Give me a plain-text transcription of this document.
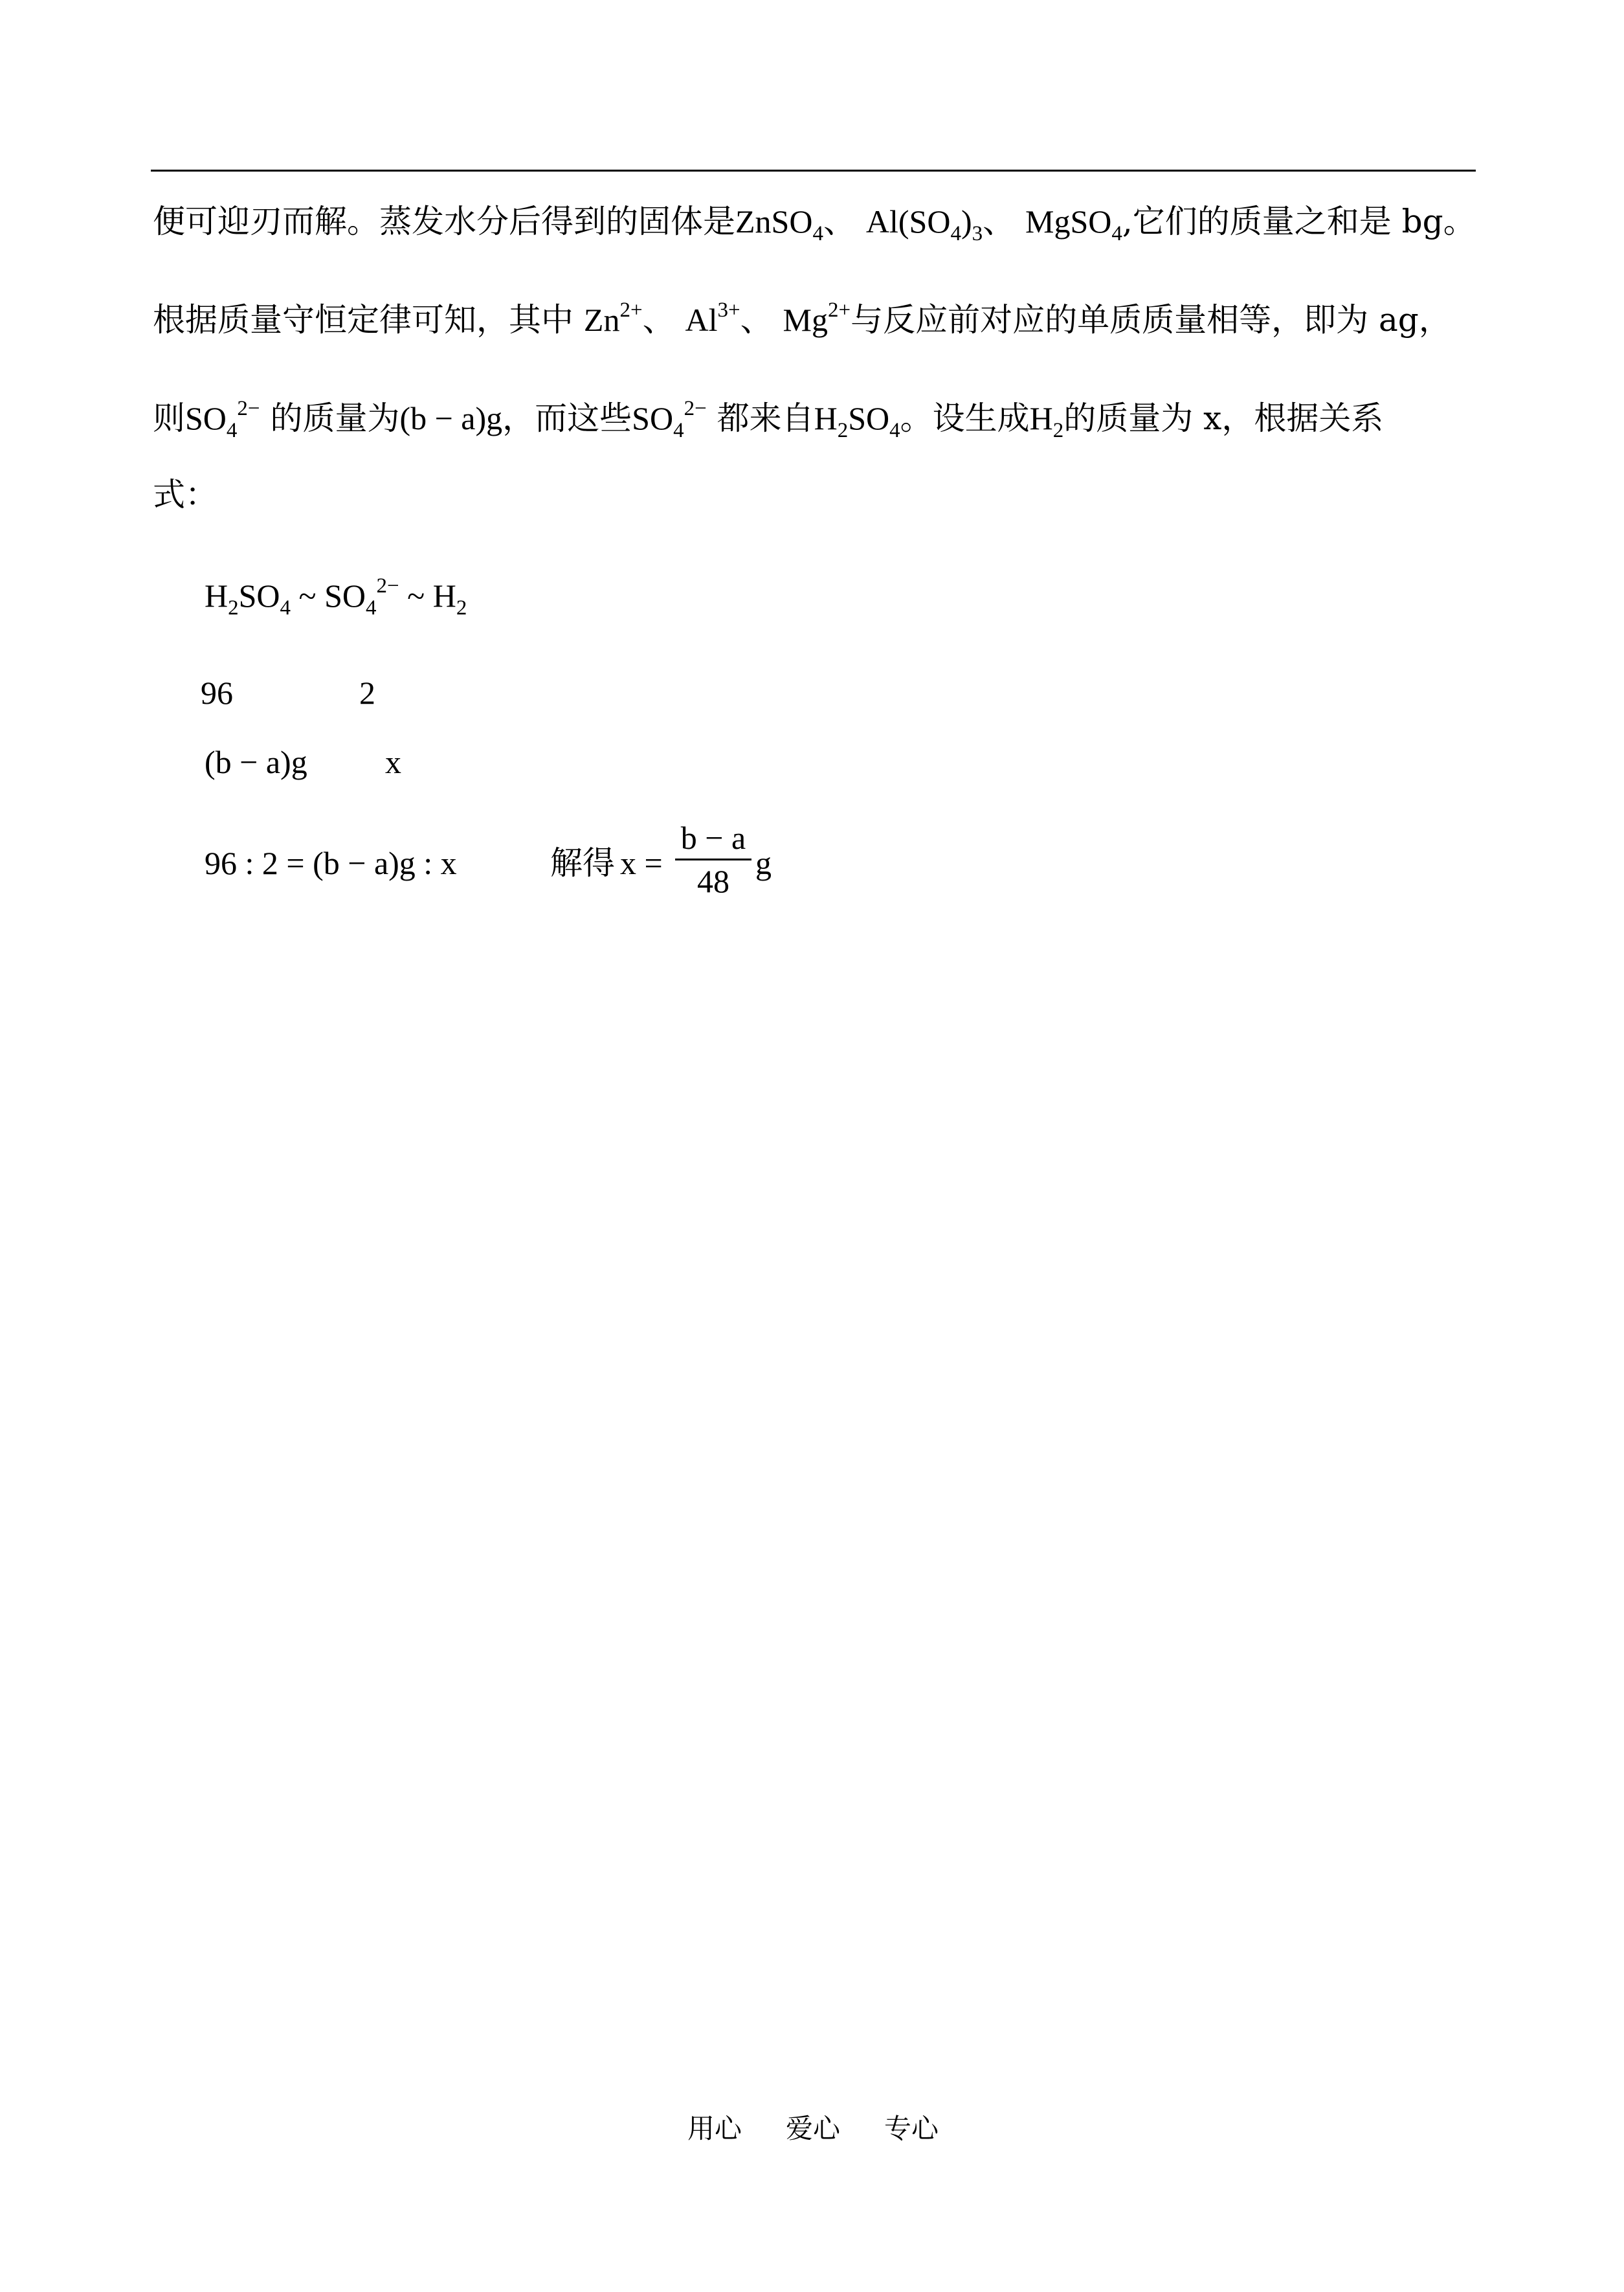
便可迎刃而解。蒸发水分后得到的固体是ZnSO$_4$、 $Al(SO_4)_3$、 MgSO$_4$,它们的质量之和是 bg。
根据质量守恒定律可知，其中 $Zn^{2+}$、 $Al^{3+}$、 $Mg^{2+}$与反应前对应的单质质量相等，即为 ag，
则$SO_4^{2-}$ 的质量为(b − a)g，而这些$SO_4^{2-}$ 都来自$H_2SO_4$。设生成$H_2$的质量为 x，根据关系
式：
$H_2SO_4$ ~ $SO_4^{2-}$ ~ $H_2$
96	2
(b − a)g x
96 : 2 = (b − a)g : x	解得 x =
b − a
48 g
用心 爱心 专心
